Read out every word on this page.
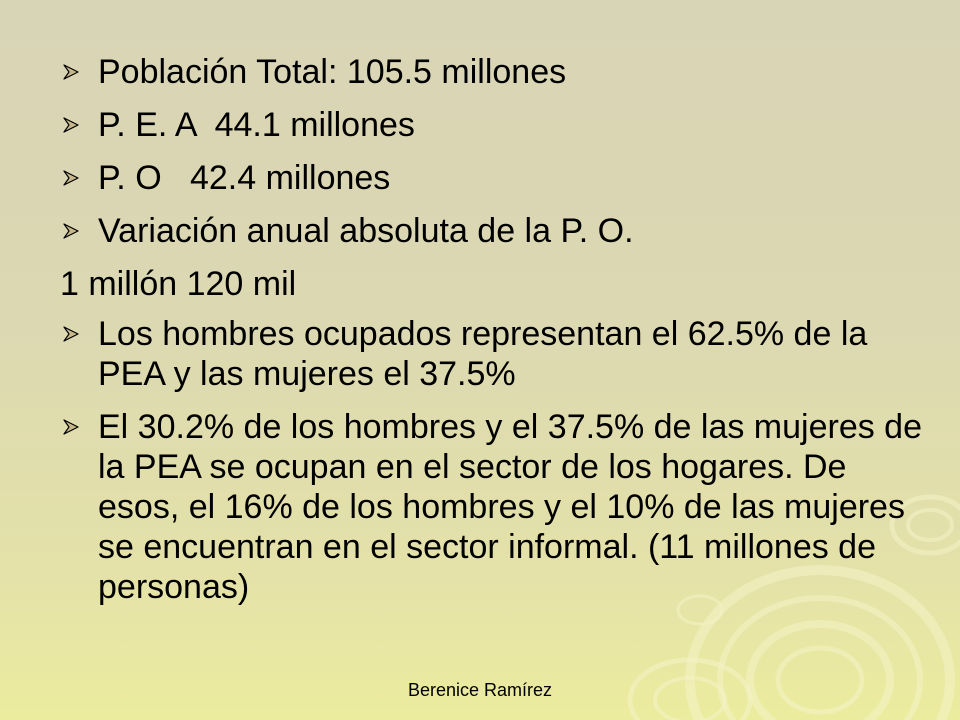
Población Total: 105.5 millones
P. E. A  44.1 millones
P. O   42.4 millones
Variación anual absoluta de la P. O.
1 millón 120 mil
Los hombres ocupados representan el 62.5% de la PEA y las mujeres el 37.5%
El 30.2% de los hombres y el 37.5% de las mujeres de la PEA se ocupan en el sector de los hogares. De esos, el 16% de los hombres y el 10% de las mujeres se encuentran en el sector informal. (11 millones de personas)
Berenice Ramírez
